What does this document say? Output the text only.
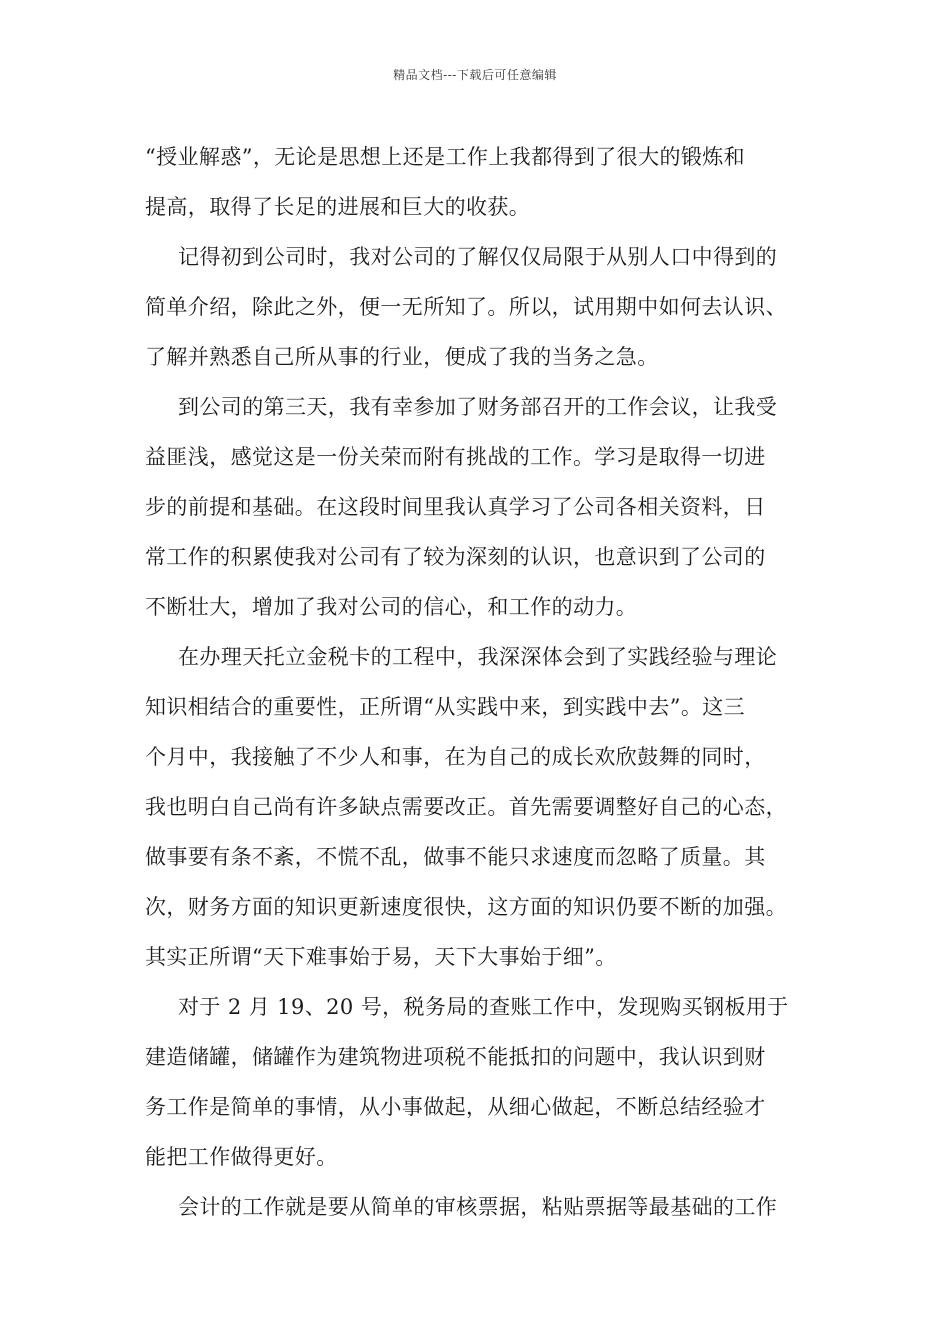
精品文档---下载后可任意编辑
“授业解惑”，无论是思想上还是工作上我都得到了很大的锻炼和
提高，取得了长足的进展和巨大的收获。
记得初到公司时，我对公司的了解仅仅局限于从别人口中得到的
简单介绍，除此之外，便一无所知了。所以，试用期中如何去认识、
了解并熟悉自己所从事的行业，便成了我的当务之急。
到公司的第三天，我有幸参加了财务部召开的工作会议，让我受
益匪浅，感觉这是一份关荣而附有挑战的工作。学习是取得一切进
步的前提和基础。在这段时间里我认真学习了公司各相关资料，日
常工作的积累使我对公司有了较为深刻的认识，也意识到了公司的
不断壮大，增加了我对公司的信心，和工作的动力。
在办理天托立金税卡的工程中，我深深体会到了实践经验与理论
知识相结合的重要性，正所谓“从实践中来，到实践中去”。这三
个月中，我接触了不少人和事，在为自己的成长欢欣鼓舞的同时，
我也明白自己尚有许多缺点需要改正。首先需要调整好自己的心态，
做事要有条不紊，不慌不乱，做事不能只求速度而忽略了质量。其
次，财务方面的知识更新速度很快，这方面的知识仍要不断的加强。
其实正所谓“天下难事始于易，天下大事始于细”。
对于 2 月 19、20 号，税务局的查账工作中，发现购买钢板用于
建造储罐，储罐作为建筑物进项税不能抵扣的问题中，我认识到财
务工作是简单的事情，从小事做起，从细心做起，不断总结经验才
能把工作做得更好。
会计的工作就是要从简单的审核票据，粘贴票据等最基础的工作
